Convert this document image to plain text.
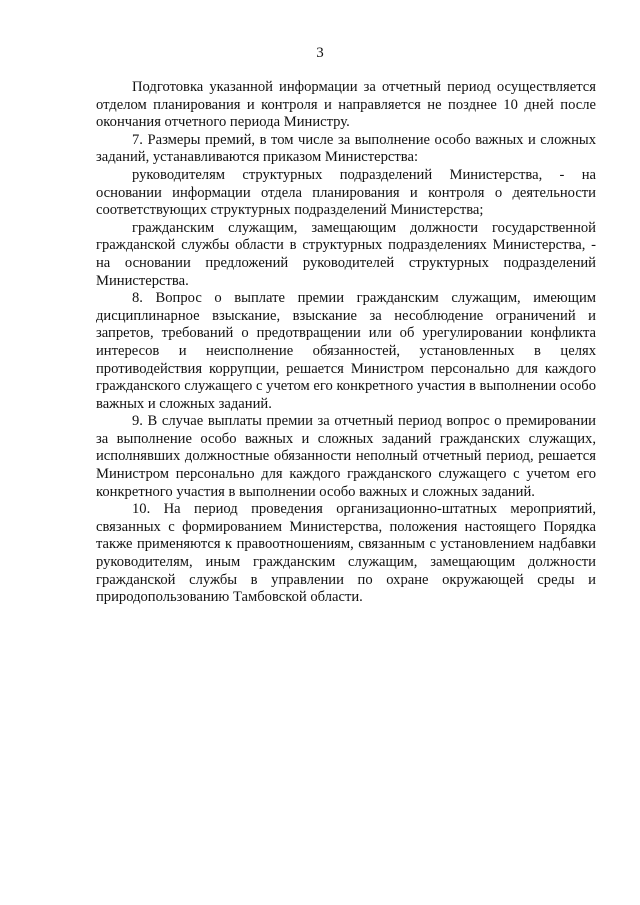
3

Подготовка указанной информации за отчетный период осуществляется отделом планирования и контроля и направляется не позднее 10 дней после окончания отчетного периода Министру.

7. Размеры премий, в том числе за выполнение особо важных и сложных заданий, устанавливаются приказом Министерства:

руководителям структурных подразделений Министерства, - на основании информации отдела планирования и контроля о деятельности соответствующих структурных подразделений Министерства;

гражданским служащим, замещающим должности государственной гражданской службы области в структурных подразделениях Министерства, - на основании предложений руководителей структурных подразделений Министерства.

8. Вопрос о выплате премии гражданским служащим, имеющим дисциплинарное взыскание, взыскание за несоблюдение ограничений и запретов, требований о предотвращении или об урегулировании конфликта интересов и неисполнение обязанностей, установленных в целях противодействия коррупции, решается Министром персонально для каждого гражданского служащего с учетом его конкретного участия в выполнении особо важных и сложных заданий.

9. В случае выплаты премии за отчетный период вопрос о премировании за выполнение особо важных и сложных заданий гражданских служащих, исполнявших должностные обязанности неполный отчетный период, решается Министром персонально для каждого гражданского служащего с учетом его конкретного участия в выполнении особо важных и сложных заданий.

10. На период проведения организационно-штатных мероприятий, связанных с формированием Министерства, положения настоящего Порядка также применяются к правоотношениям, связанным с установлением надбавки руководителям, иным гражданским служащим, замещающим должности гражданской службы в управлении по охране окружающей среды и природопользованию Тамбовской области.
